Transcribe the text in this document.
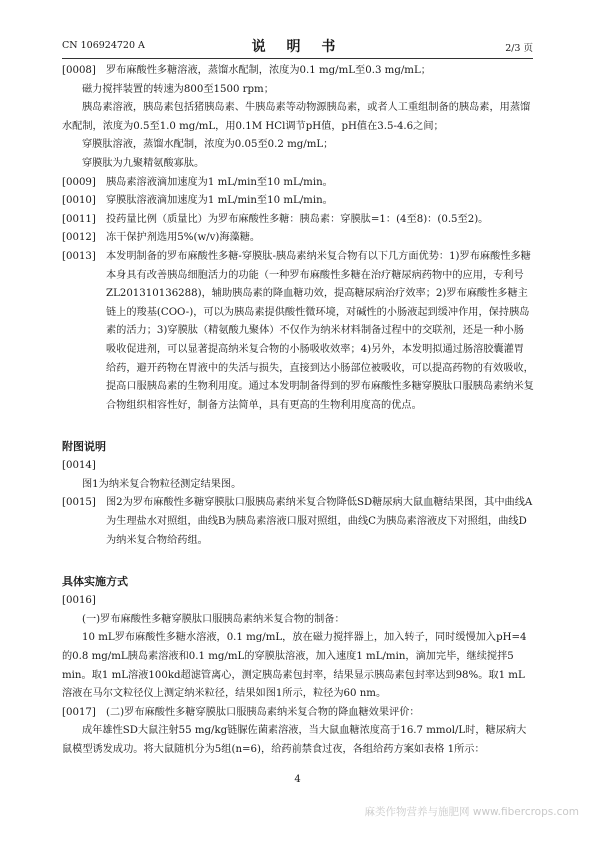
CN 106924720 A	说 明 书	2/3 页

[0008] 罗布麻酸性多糖溶液，蒸馏水配制，浓度为0.1 mg/mL至0.3 mg/mL；

磁力搅拌装置的转速为800至1500 rpm；

胰岛素溶液，胰岛素包括猪胰岛素、牛胰岛素等动物源胰岛素，或者人工重组制备的胰岛素，用蒸馏水配制，浓度为0.5至1.0 mg/mL，用0.1M HCl调节pH值，pH值在3.5-4.6之间；

穿膜肽溶液，蒸馏水配制，浓度为0.05至0.2 mg/mL；

穿膜肽为九聚精氨酸寡肽。

[0009] 胰岛素溶液滴加速度为1 mL/min至10 mL/min。

[0010] 穿膜肽溶液滴加速度为1 mL/min至10 mL/min。

[0011] 投药量比例（质量比）为罗布麻酸性多糖：胰岛素：穿膜肽=1：(4至8)：(0.5至2)。

[0012] 冻干保护剂选用5%(w/v)海藻糖。

[0013] 本发明制备的罗布麻酸性多糖-穿膜肽-胰岛素纳米复合物有以下几方面优势：1)罗布麻酸性多糖本身具有改善胰岛细胞活力的功能（一种罗布麻酸性多糖在治疗糖尿病药物中的应用，专利号ZL201310136288)，辅助胰岛素的降血糖功效，提高糖尿病治疗效率；2)罗布麻酸性多糖主链上的羧基(COO-)，可以为胰岛素提供酸性微环境，对碱性的小肠液起到缓冲作用，保持胰岛素的活力；3)穿膜肽（精氨酸九聚体）不仅作为纳米材料制备过程中的交联剂，还是一种小肠吸收促进剂，可以显著提高纳米复合物的小肠吸收效率；4)另外，本发明拟通过肠溶胶囊灌胃给药，避开药物在胃液中的失活与损失，直接到达小肠部位被吸收，可以提高药物的有效吸收，提高口服胰岛素的生物利用度。通过本发明制备得到的罗布麻酸性多糖穿膜肽口服胰岛素纳米复合物组织相容性好，制备方法简单，具有更高的生物利用度高的优点。

附图说明

[0014]

图1为纳米复合物粒径测定结果图。

[0015] 图2为罗布麻酸性多糖穿膜肽口服胰岛素纳米复合物降低SD糖尿病大鼠血糖结果图，其中曲线A为生理盐水对照组，曲线B为胰岛素溶液口服对照组，曲线C为胰岛素溶液皮下对照组，曲线D为纳米复合物给药组。

具体实施方式

[0016]

(一)罗布麻酸性多糖穿膜肽口服胰岛素纳米复合物的制备：

10 mL罗布麻酸性多糖水溶液，0.1 mg/mL，放在磁力搅拌器上，加入转子，同时缓慢加入pH=4的0.8 mg/mL胰岛素溶液和0.1 mg/mL的穿膜肽溶液，加入速度1 mL/min，滴加完毕，继续搅拌5 min。取1 mL溶液100kd超滤管离心，测定胰岛素包封率，结果显示胰岛素包封率达到98%。取1 mL溶液在马尔文粒径仪上测定纳米粒径，结果如图1所示，粒径为60 nm。

[0017] (二)罗布麻酸性多糖穿膜肽口服胰岛素纳米复合物的降血糖效果评价：

成年雄性SD大鼠注射55 mg/kg链脲佐菌素溶液，当大鼠血糖浓度高于16.7 mmol/L时，糖尿病大鼠模型诱发成功。将大鼠随机分为5组(n=6)，给药前禁食过夜，各组给药方案如表格 1所示：

4
麻类作物营养与施肥网 www.fibercrops.com
